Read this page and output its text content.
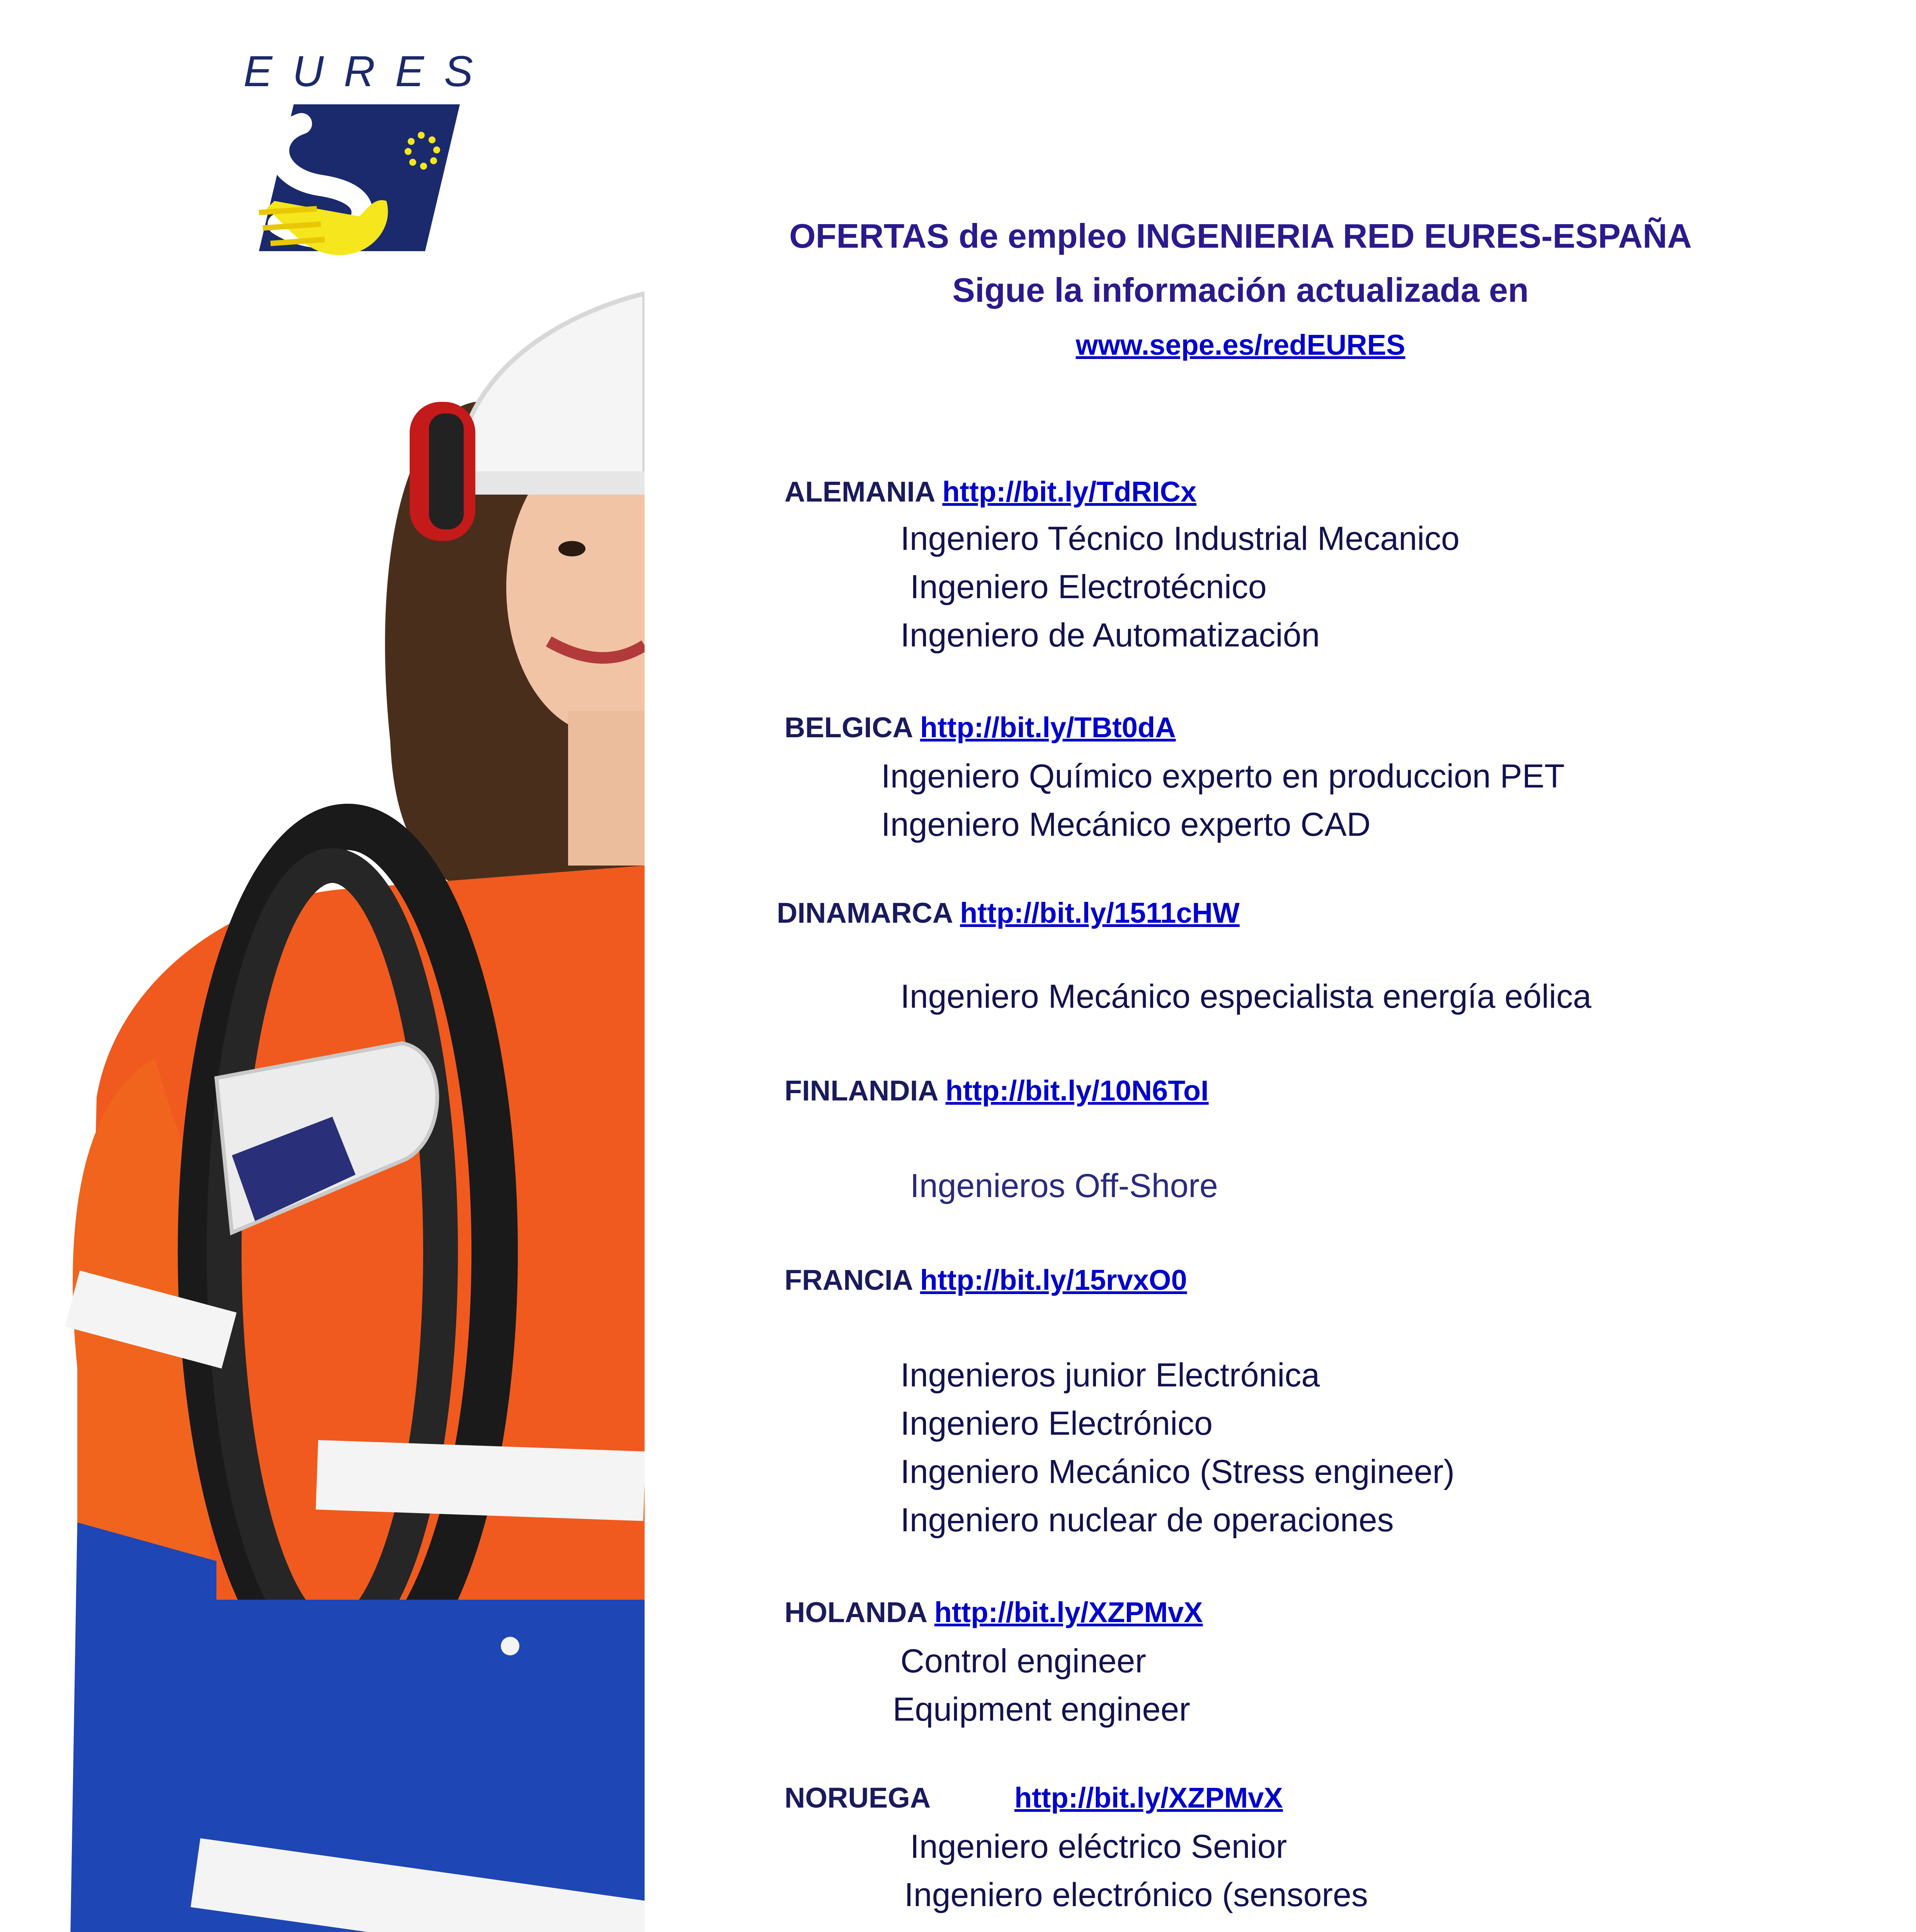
EURES
OFERTAS de empleo INGENIERIA RED EURES-ESPAÑA
Sigue la información actualizada en
www.sepe.es/redEURES
ALEMANIA http://bit.ly/TdRICx
Ingeniero Técnico Industrial Mecanico
Ingeniero Electrotécnico
Ingeniero de Automatización
BELGICA http://bit.ly/TBt0dA
Ingeniero Químico experto en produccion PET
Ingeniero Mecánico experto CAD
DINAMARCA http://bit.ly/1511cHW
Ingeniero Mecánico especialista energía eólica
FINLANDIA http://bit.ly/10N6ToI
Ingenieros Off-Shore
FRANCIA http://bit.ly/15rvxO0
Ingenieros junior Electrónica
Ingeniero Electrónico
Ingeniero Mecánico (Stress engineer)
Ingeniero nuclear de operaciones
HOLANDA http://bit.ly/XZPMvX
Control engineer
Equipment engineer
NORUEGA	http://bit.ly/XZPMvX
Ingeniero eléctrico Senior
Ingeniero electrónico (sensores
